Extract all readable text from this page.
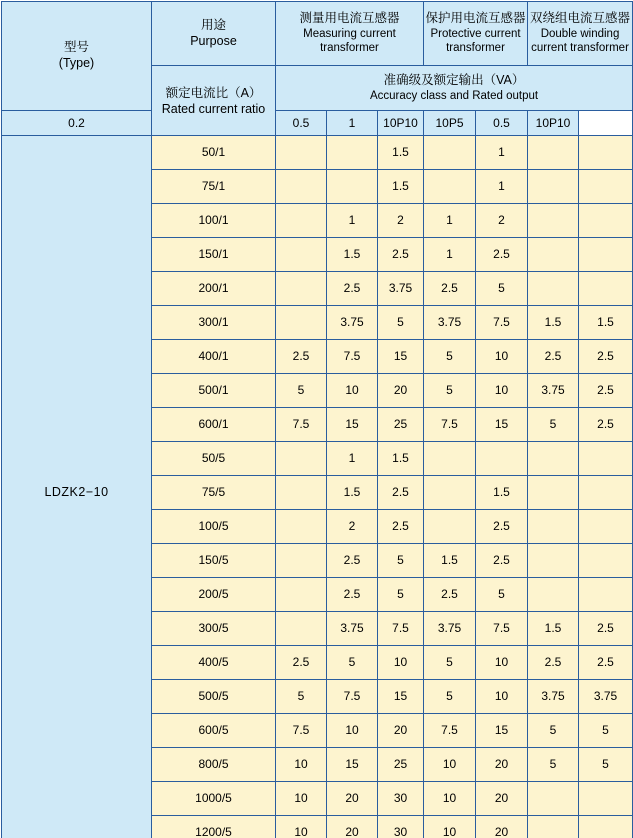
型号
(Type)	用途
Purpose	测量用电流互感器
Measuring current transformer			保护用电流互感器
Protective current transformer		双绕组电流互感器
Double winding current transformer	

	额定电流比（A）
Rated current ratio	准确级及额定输出（VA）
Accuracy class and Rated output						

0.2		0.5	1	10P10	10P5	0.5	10P10	
LDZK2−10	50/1			1.5		1		
	75/1			1.5		1		
	100/1		1	2	1	2		
	150/1		1.5	2.5	1	2.5		
	200/1		2.5	3.75	2.5	5		
	300/1		3.75	5	3.75	7.5	1.5	1.5
	400/1	2.5	7.5	15	5	10	2.5	2.5
	500/1	5	10	20	5	10	3.75	2.5
	600/1	7.5	15	25	7.5	15	5	2.5
	50/5		1	1.5				
	75/5		1.5	2.5		1.5		
	100/5		2	2.5		2.5		
	150/5		2.5	5	1.5	2.5		
	200/5		2.5	5	2.5	5		
	300/5		3.75	7.5	3.75	7.5	1.5	2.5
	400/5	2.5	5	10	5	10	2.5	2.5
	500/5	5	7.5	15	5	10	3.75	3.75
	600/5	7.5	10	20	7.5	15	5	5
	800/5	10	15	25	10	20	5	5
	1000/5	10	20	30	10	20		
	1200/5	10	20	30	10	20		
